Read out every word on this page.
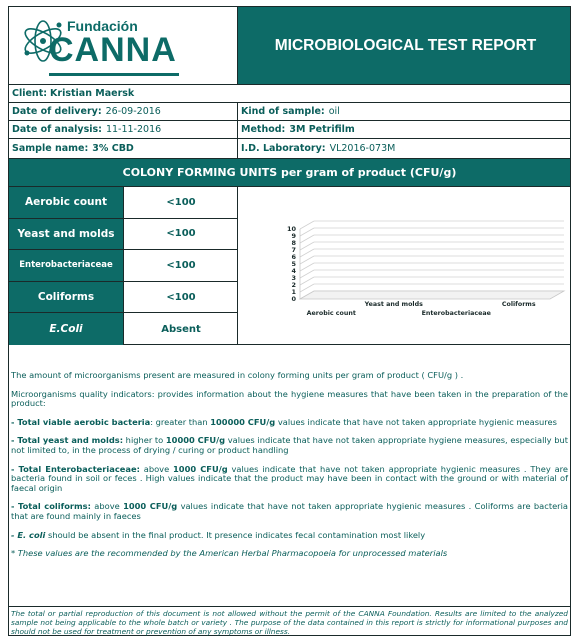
Fundación
CANNA	MICROBIOLOGICAL TEST REPORT
Client: Kristian Maersk
Date of delivery: 26-09-2016	Kind of sample: oil
Date of analysis: 11-11-2016	Method: 3M Petrifilm
Sample name: 3% CBD	I.D. Laboratory: VL2016-073M
COLONY FORMING UNITS per gram of product (CFU/g)
Aerobic count	<100
Yeast and molds	<100
Enterobacteriaceae	<100
Coliforms	<100
E.Coli	Absent
10
9
8
7
6
5
4
3
2
1
0
Aerobic count
Yeast and molds
Enterobacteriaceae
Coliforms

The amount of microorganisms present are measured in colony forming units per gram of product ( CFU/g ) .

Microorganisms quality indicators: provides information about the hygiene measures that have been taken in the preparation of the product:

- Total viable aerobic bacteria: greater than 100000 CFU/g values indicate that have not taken appropriate hygienic measures

- Total yeast and molds: higher to 10000 CFU/g values indicate that have not taken appropriate hygiene measures, especially but not limited to, in the process of drying / curing or product handling

- Total Enterobacteriaceae: above 1000 CFU/g values indicate that have not taken appropriate hygienic measures . They are bacteria found in soil or feces . High values indicate that the product may have been in contact with the ground or with material of faecal origin

- Total coliforms: above 1000 CFU/g values indicate that have not taken appropriate hygienic measures . Coliforms are bacteria that are found mainly in faeces

- E. coli should be absent in the final product. It presence indicates fecal contamination most likely

* These values are the recommended by the American Herbal Pharmacopoeia for unprocessed materials

The total or partial reproduction of this document is not allowed without the permit of the CANNA Foundation. Results are limited to the analyzed sample not being applicable to the whole batch or variety . The purpose of the data contained in this report is strictly for informational purposes and should not be used for treatment or prevention of any symptoms or illness.
